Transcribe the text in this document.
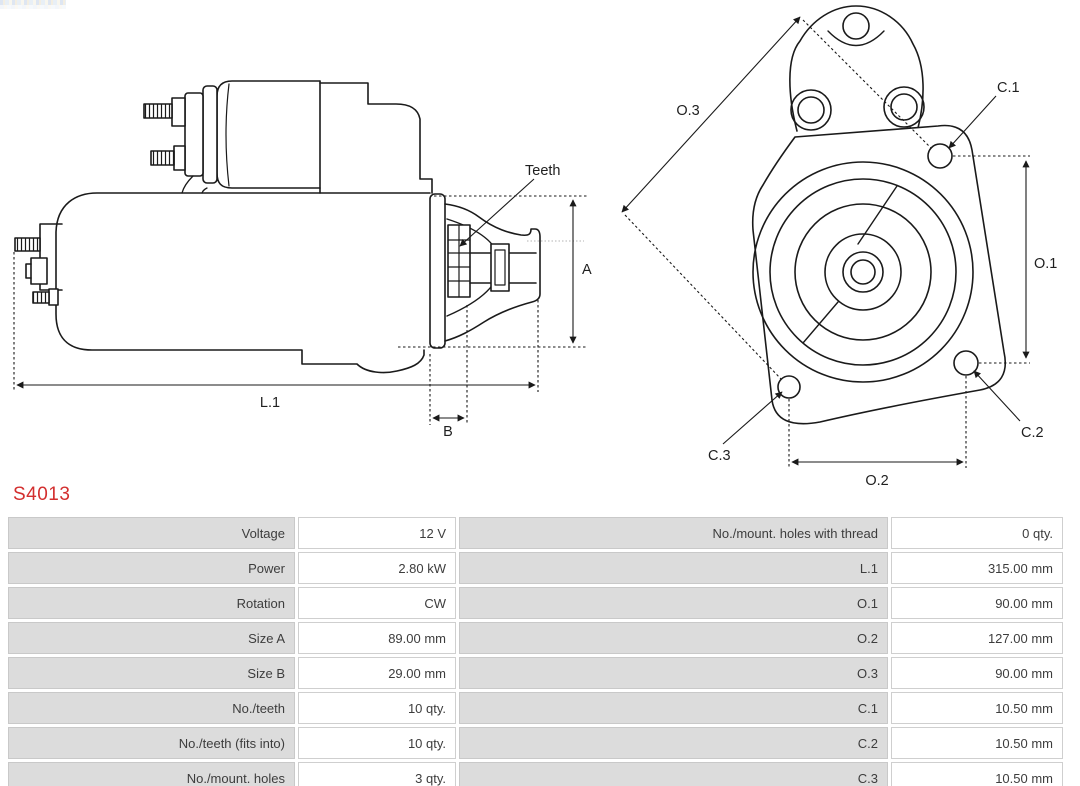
Teeth
A
L.1
B
O.3
C.1
O.1
C.2
C.3
O.2
S4013
Voltage	12 V	No./mount. holes with thread	0 qty.
Power	2.80 kW	L.1	315.00 mm
Rotation	CW	O.1	90.00 mm
Size A	89.00 mm	O.2	127.00 mm
Size B	29.00 mm	O.3	90.00 mm
No./teeth	10 qty.	C.1	10.50 mm
No./teeth (fits into)	10 qty.	C.2	10.50 mm
No./mount. holes	3 qty.	C.3	10.50 mm
